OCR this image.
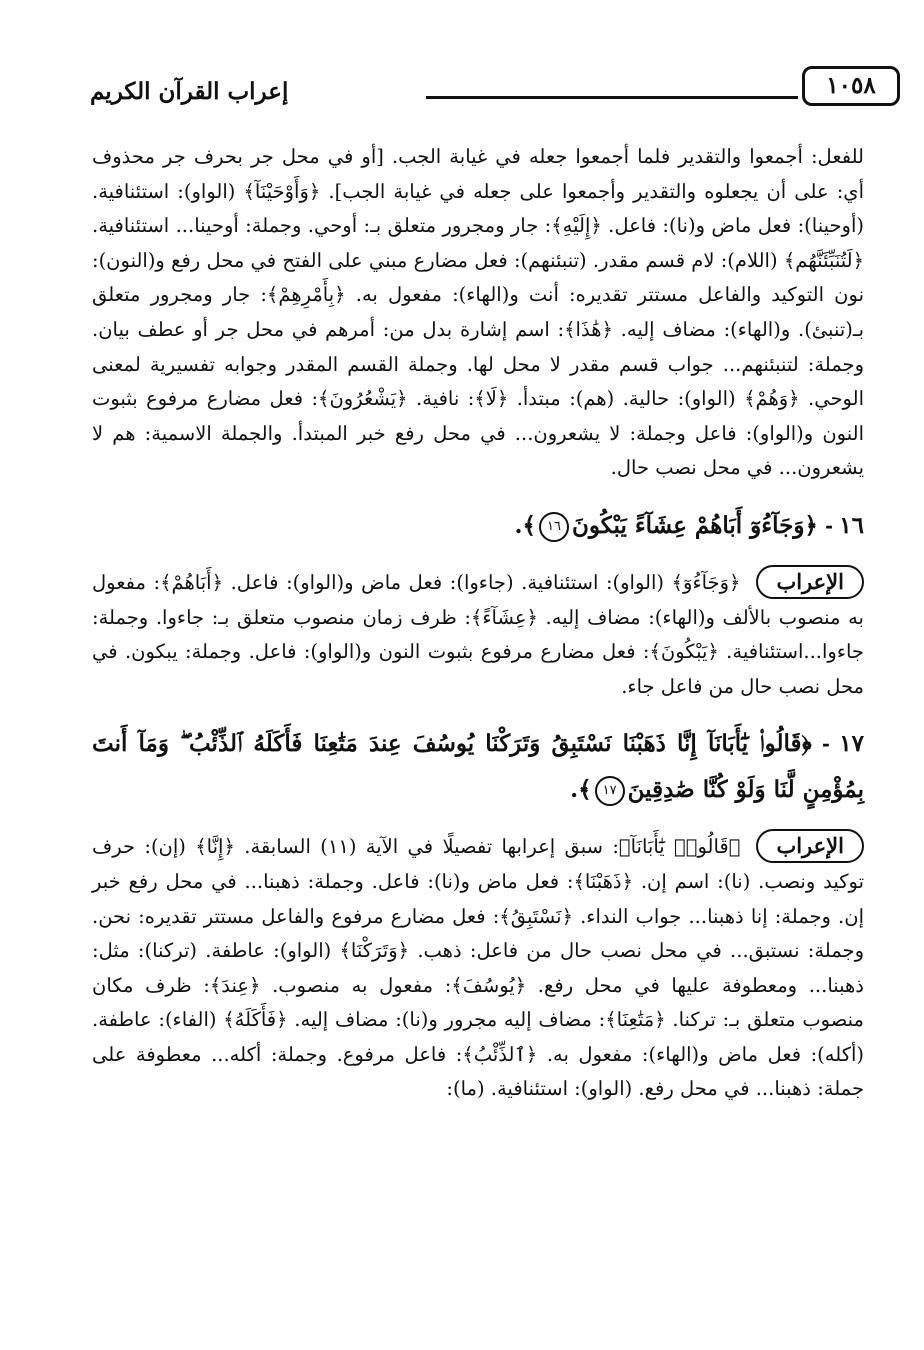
إعراب القرآن الكريم	١٠٥٨

للفعل: أجمعوا والتقدير فلما أجمعوا جعله في غيابة الجب. [أو في محل جر بحرف جر محذوف أي: على أن يجعلوه والتقدير وأجمعوا على جعله في غيابة الجب]. ﴿وَأَوْحَيْنَآ﴾ (الواو): استئنافية. (أوحينا): فعل ماض و(نا): فاعل. ﴿إِلَيْهِ﴾: جار ومجرور متعلق بـ: أوحي. وجملة: أوحينا... استئنافية. ﴿لَتُنَبِّئَنَّهُم﴾ (اللام): لام قسم مقدر. (تنبئنهم): فعل مضارع مبني على الفتح في محل رفع و(النون): نون التوكيد والفاعل مستتر تقديره: أنت و(الهاء): مفعول به. ﴿بِأَمْرِهِمْ﴾: جار ومجرور متعلق بـ(تنبئ). و(الهاء): مضاف إليه. ﴿هَٰذَا﴾: اسم إشارة بدل من: أمرهم في محل جر أو عطف بيان. وجملة: لتنبئنهم... جواب قسم مقدر لا محل لها. وجملة القسم المقدر وجوابه تفسيرية لمعنى الوحي. ﴿وَهُمْ﴾ (الواو): حالية. (هم): مبتدأ. ﴿لَا﴾: نافية. ﴿يَشْعُرُونَ﴾: فعل مضارع مرفوع بثبوت النون و(الواو): فاعل وجملة: لا يشعرون... في محل رفع خبر المبتدأ. والجملة الاسمية: هم لا يشعرون... في محل نصب حال.

١٦ - ﴿وَجَآءُوٓ أَبَاهُمْ عِشَآءً يَبْكُونَ١٦﴾.

الإعراب﴿وَجَآءُوٓ﴾ (الواو): استئنافية. (جاءوا): فعل ماض و(الواو): فاعل. ﴿أَبَاهُمْ﴾: مفعول به منصوب بالألف و(الهاء): مضاف إليه. ﴿عِشَآءً﴾: ظرف زمان منصوب متعلق بـ: جاءوا. وجملة: جاءوا...استئنافية. ﴿يَبْكُونَ﴾: فعل مضارع مرفوع بثبوت النون و(الواو): فاعل. وجملة: يبكون. في محل نصب حال من فاعل جاء.

١٧ - ﴿قَالُوا۟ يَٰٓأَبَانَآ إِنَّا ذَهَبْنَا نَسْتَبِقُ وَتَرَكْنَا يُوسُفَ عِندَ مَتَٰعِنَا فَأَكَلَهُ ٱلذِّئْبُ ۖ وَمَآ أَنتَ بِمُؤْمِنٍ لَّنَا وَلَوْ كُنَّا صَٰدِقِينَ١٧﴾.

الإعراب﴿قَالُوا۟ يَٰٓأَبَانَآ﴾: سبق إعرابها تفصيلًا في الآية (١١) السابقة. ﴿إِنَّا﴾ (إن): حرف توكيد ونصب. (نا): اسم إن. ﴿ذَهَبْنَا﴾: فعل ماض و(نا): فاعل. وجملة: ذهبنا... في محل رفع خبر إن. وجملة: إنا ذهبنا... جواب النداء. ﴿نَسْتَبِقُ﴾: فعل مضارع مرفوع والفاعل مستتر تقديره: نحن. وجملة: نستبق... في محل نصب حال من فاعل: ذهب. ﴿وَتَرَكْنَا﴾ (الواو): عاطفة. (تركنا): مثل: ذهبنا... ومعطوفة عليها في محل رفع. ﴿يُوسُفَ﴾: مفعول به منصوب. ﴿عِندَ﴾: ظرف مكان منصوب متعلق بـ: تركنا. ﴿مَتَٰعِنَا﴾: مضاف إليه مجرور و(نا): مضاف إليه. ﴿فَأَكَلَهُ﴾ (الفاء): عاطفة. (أكله): فعل ماض و(الهاء): مفعول به. ﴿ٱلذِّئْبُ﴾: فاعل مرفوع. وجملة: أكله... معطوفة على جملة: ذهبنا... في محل رفع. (الواو): استئنافية. (ما):
